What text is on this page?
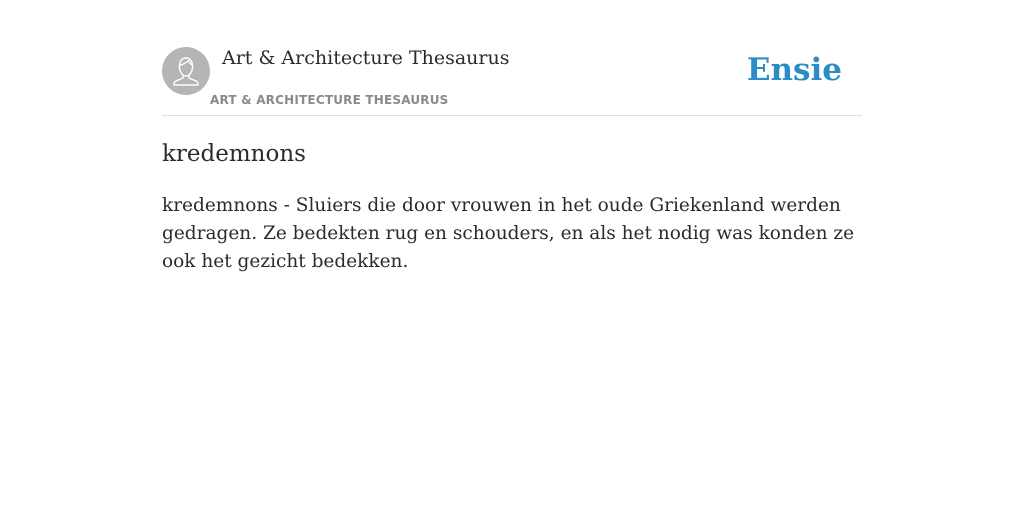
Art & Architecture Thesaurus
ART & ARCHITECTURE THESAURUS
Ensie
kredemnons

kredemnons - Sluiers die door vrouwen in het oude Griekenland werden gedragen. Ze bedekten rug en schouders, en als het nodig was konden ze ook het gezicht bedekken.
